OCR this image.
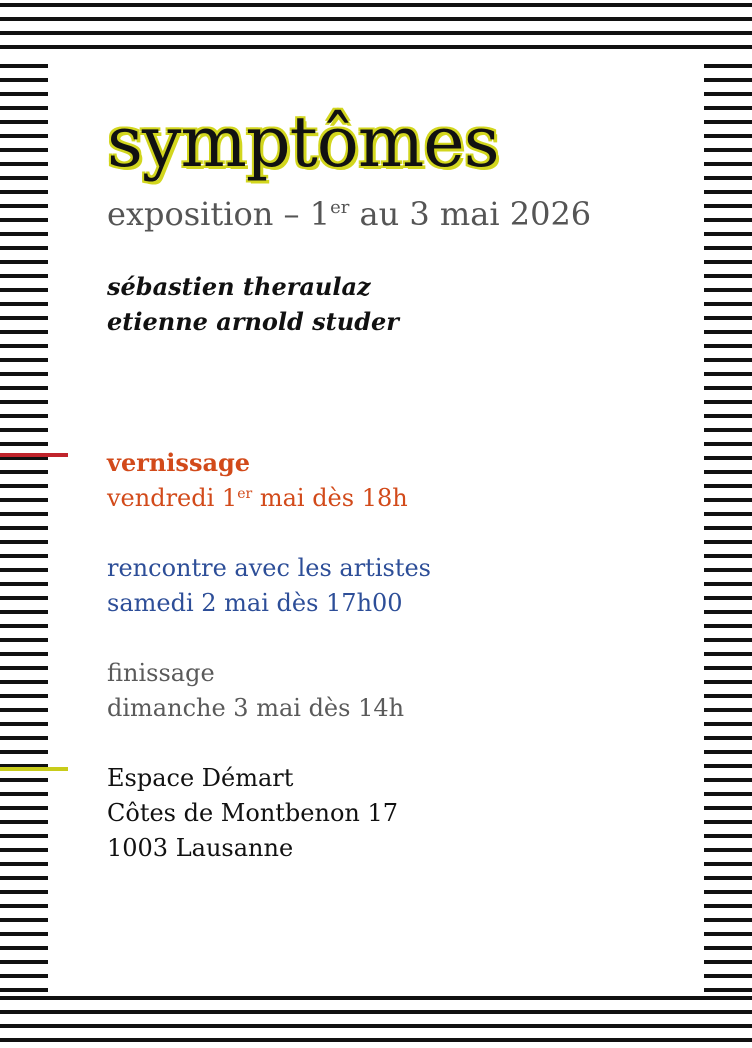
symptômes
exposition – 1er au 3 mai 2026
sébastien theraulaz
etienne arnold studer
vernissage
vendredi 1er mai dès 18h
rencontre avec les artistes
samedi 2 mai dès 17h00
finissage
dimanche 3 mai dès 14h
Espace Démart
Côtes de Montbenon 17
1003 Lausanne
